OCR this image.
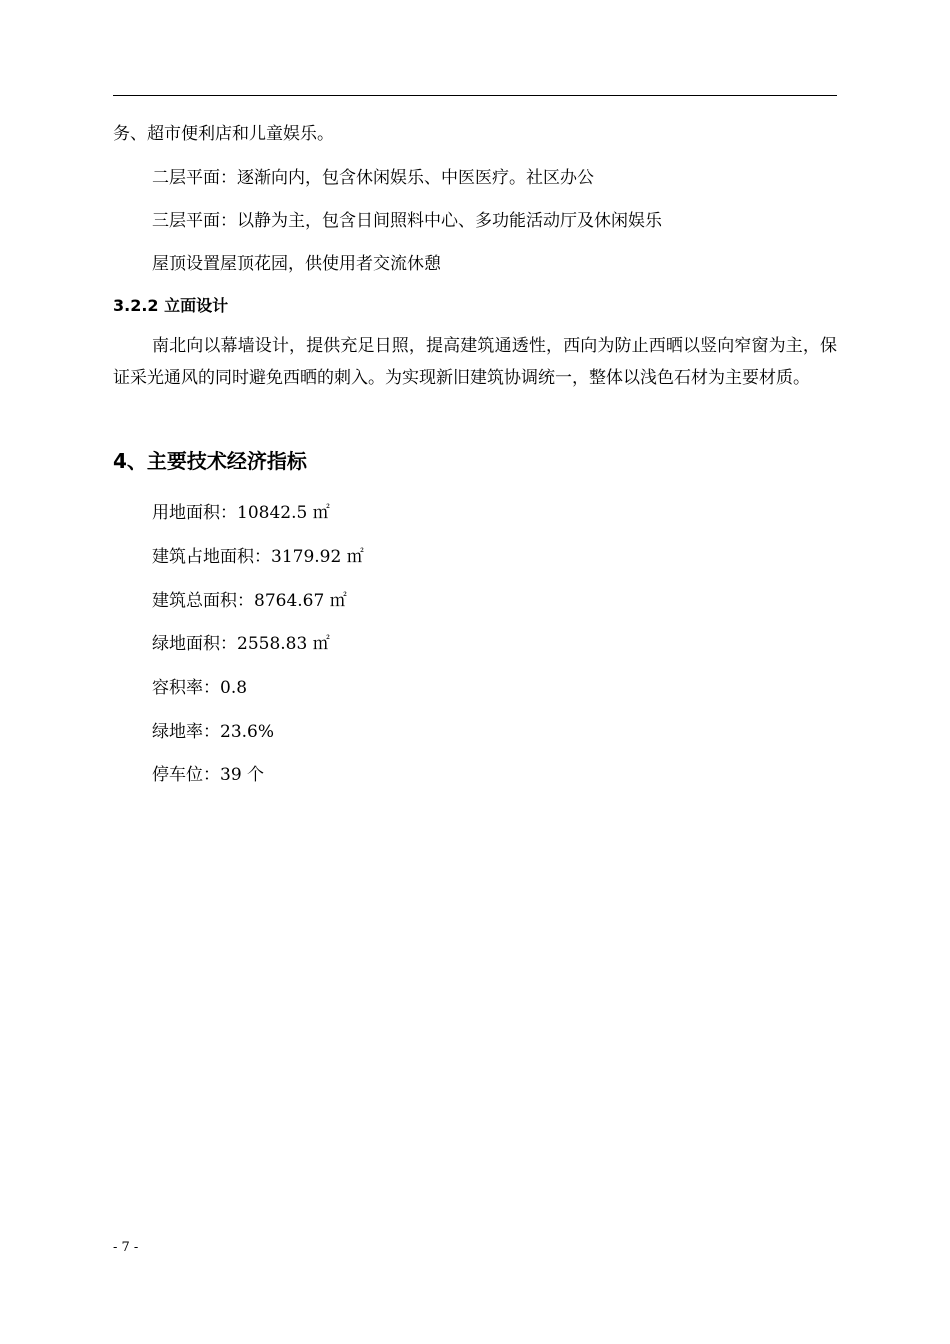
务、超市便利店和儿童娱乐。
二层平面：逐渐向内，包含休闲娱乐、中医医疗。社区办公
三层平面：以静为主，包含日间照料中心、多功能活动厅及休闲娱乐
屋顶设置屋顶花园，供使用者交流休憩
3.2.2 立面设计
南北向以幕墙设计，提供充足日照，提高建筑通透性，西向为防止西晒以竖向窄窗为主，保证采光通风的同时避免西晒的刺入。为实现新旧建筑协调统一，整体以浅色石材为主要材质。
4、主要技术经济指标
用地面积：10842.5 ㎡
建筑占地面积：3179.92 ㎡
建筑总面积：8764.67 ㎡
绿地面积：2558.83 ㎡
容积率：0.8
绿地率：23.6%
停车位：39 个
- 7 -
